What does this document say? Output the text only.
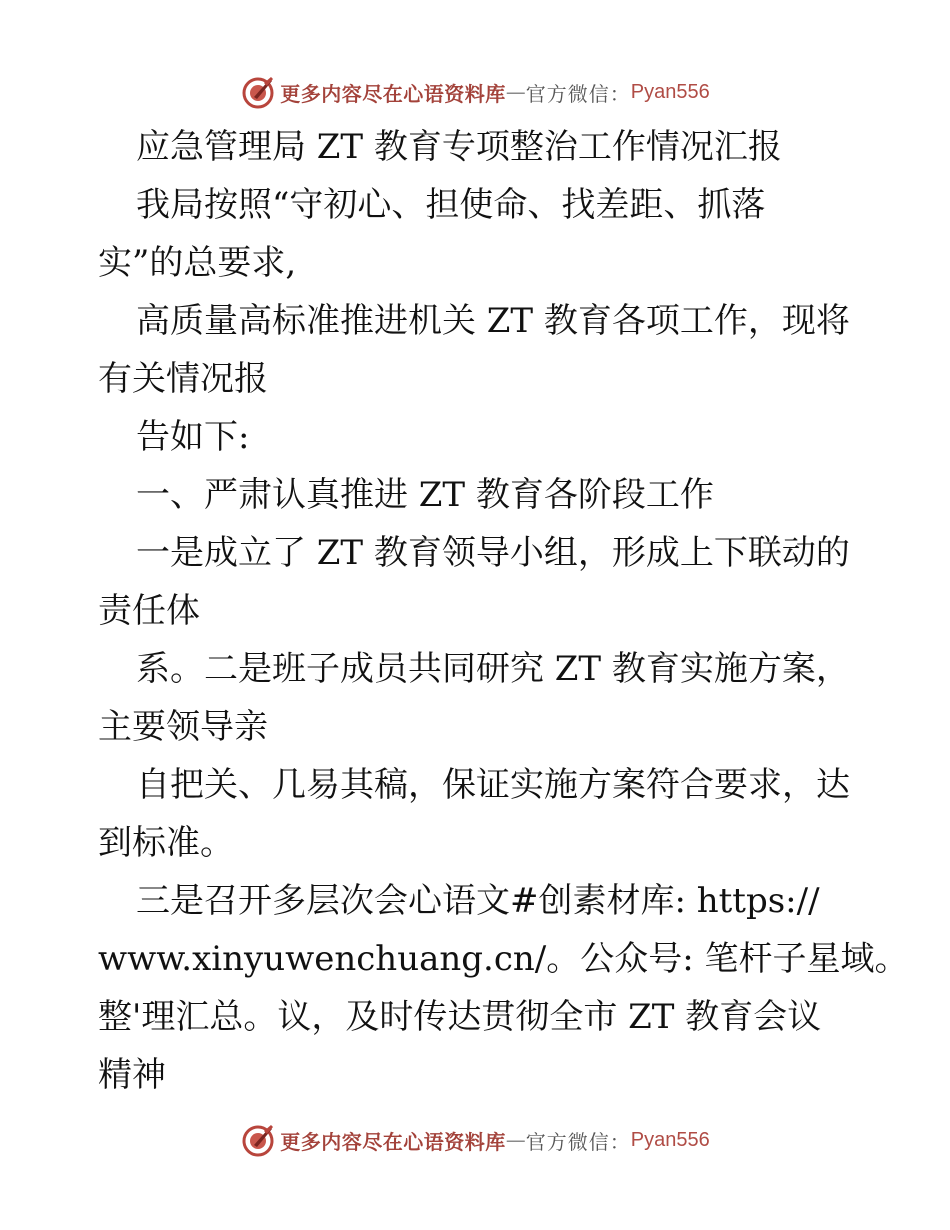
更多内容尽在心语资料库 — 官方微信： Pyan556
应急管理局 ZT 教育专项整治工作情况汇报
我局按照“守初心、担使命、找差距、抓落
实”的总要求,
高质量高标准推进机关 ZT 教育各项工作，现将
有关情况报
告如下:
一、严肃认真推进 ZT 教育各阶段工作
一是成立了 ZT 教育领导小组，形成上下联动的
责任体
系。二是班子成员共同研究 ZT 教育实施方案，
主要领导亲
自把关、几易其稿，保证实施方案符合要求，达
到标准。
三是召开多层次会心语文#创素材库: https://
www.xinyuwenchuang.cn/。公众号: 笔杆子星域。
整'理汇总。议，及时传达贯彻全市 ZT 教育会议
精神
更多内容尽在心语资料库 — 官方微信： Pyan556
